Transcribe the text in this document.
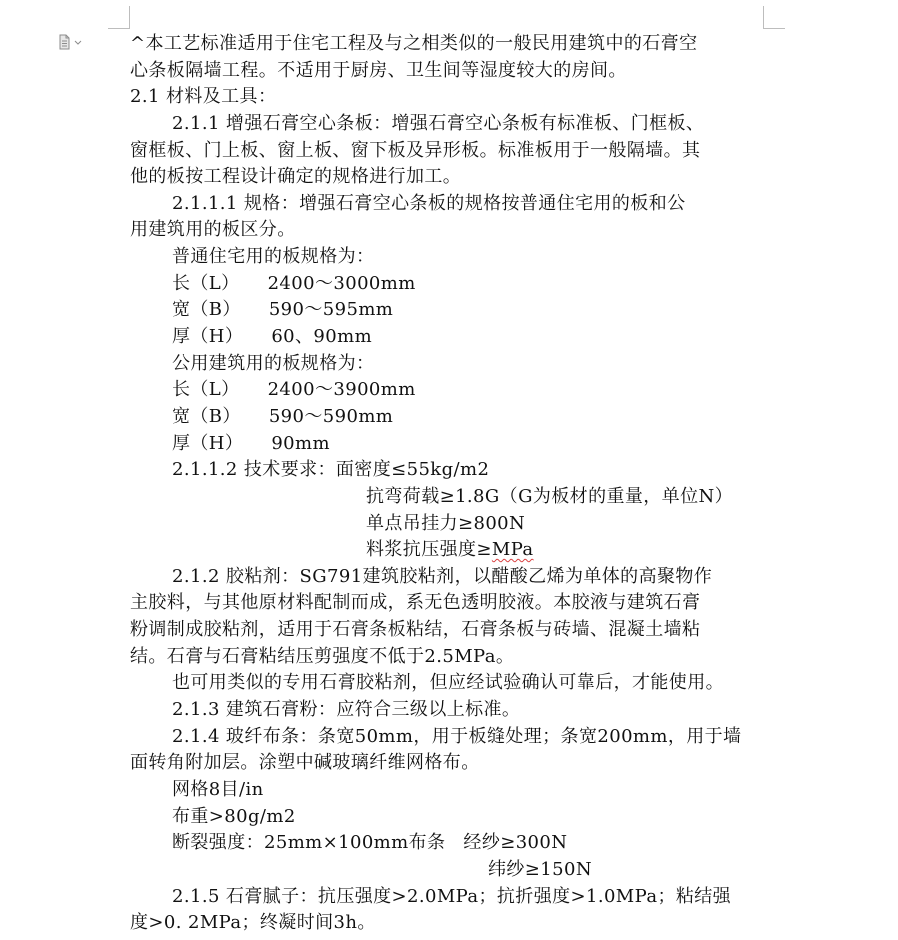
^本工艺标准适用于住宅工程及与之相类似的一般民用建筑中的石膏空
心条板隔墙工程。不适用于厨房、卫生间等湿度较大的房间。
2.1 材料及工具：
2.1.1 增强石膏空心条板：增强石膏空心条板有标准板、门框板、
窗框板、门上板、窗上板、窗下板及异形板。标准板用于一般隔墙。其
他的板按工程设计确定的规格进行加工。
2.1.1.1 规格：增强石膏空心条板的规格按普通住宅用的板和公
用建筑用的板区分。
普通住宅用的板规格为：
长（L） 2400～3000mm
宽（B） 590～595mm
厚（H） 60、90mm
公用建筑用的板规格为：
长（L） 2400～3900mm
宽（B） 590～590mm
厚（H） 90mm
2.1.1.2 技术要求：面密度≤55kg/m2
抗弯荷载≥1.8G（G为板材的重量，单位N）
单点吊挂力≥800N
料浆抗压强度≥MPa
2.1.2 胶粘剂：SG791建筑胶粘剂，以醋酸乙烯为单体的高聚物作
主胶料，与其他原材料配制而成，系无色透明胶液。本胶液与建筑石膏
粉调制成胶粘剂，适用于石膏条板粘结，石膏条板与砖墙、混凝土墙粘
结。石膏与石膏粘结压剪强度不低于2.5MPa。
也可用类似的专用石膏胶粘剂，但应经试验确认可靠后，才能使用。
2.1.3 建筑石膏粉：应符合三级以上标准。
2.1.4 玻纤布条：条宽50mm，用于板缝处理；条宽200mm，用于墙
面转角附加层。涂塑中碱玻璃纤维网格布。
网格8目/in
布重>80g/m2
断裂强度：25mm×100mm布条 经纱≥300N
纬纱≥150N
2.1.5 石膏腻子：抗压强度>2.0MPa；抗折强度>1.0MPa；粘结强
度>0. 2MPa；终凝时间3h。
